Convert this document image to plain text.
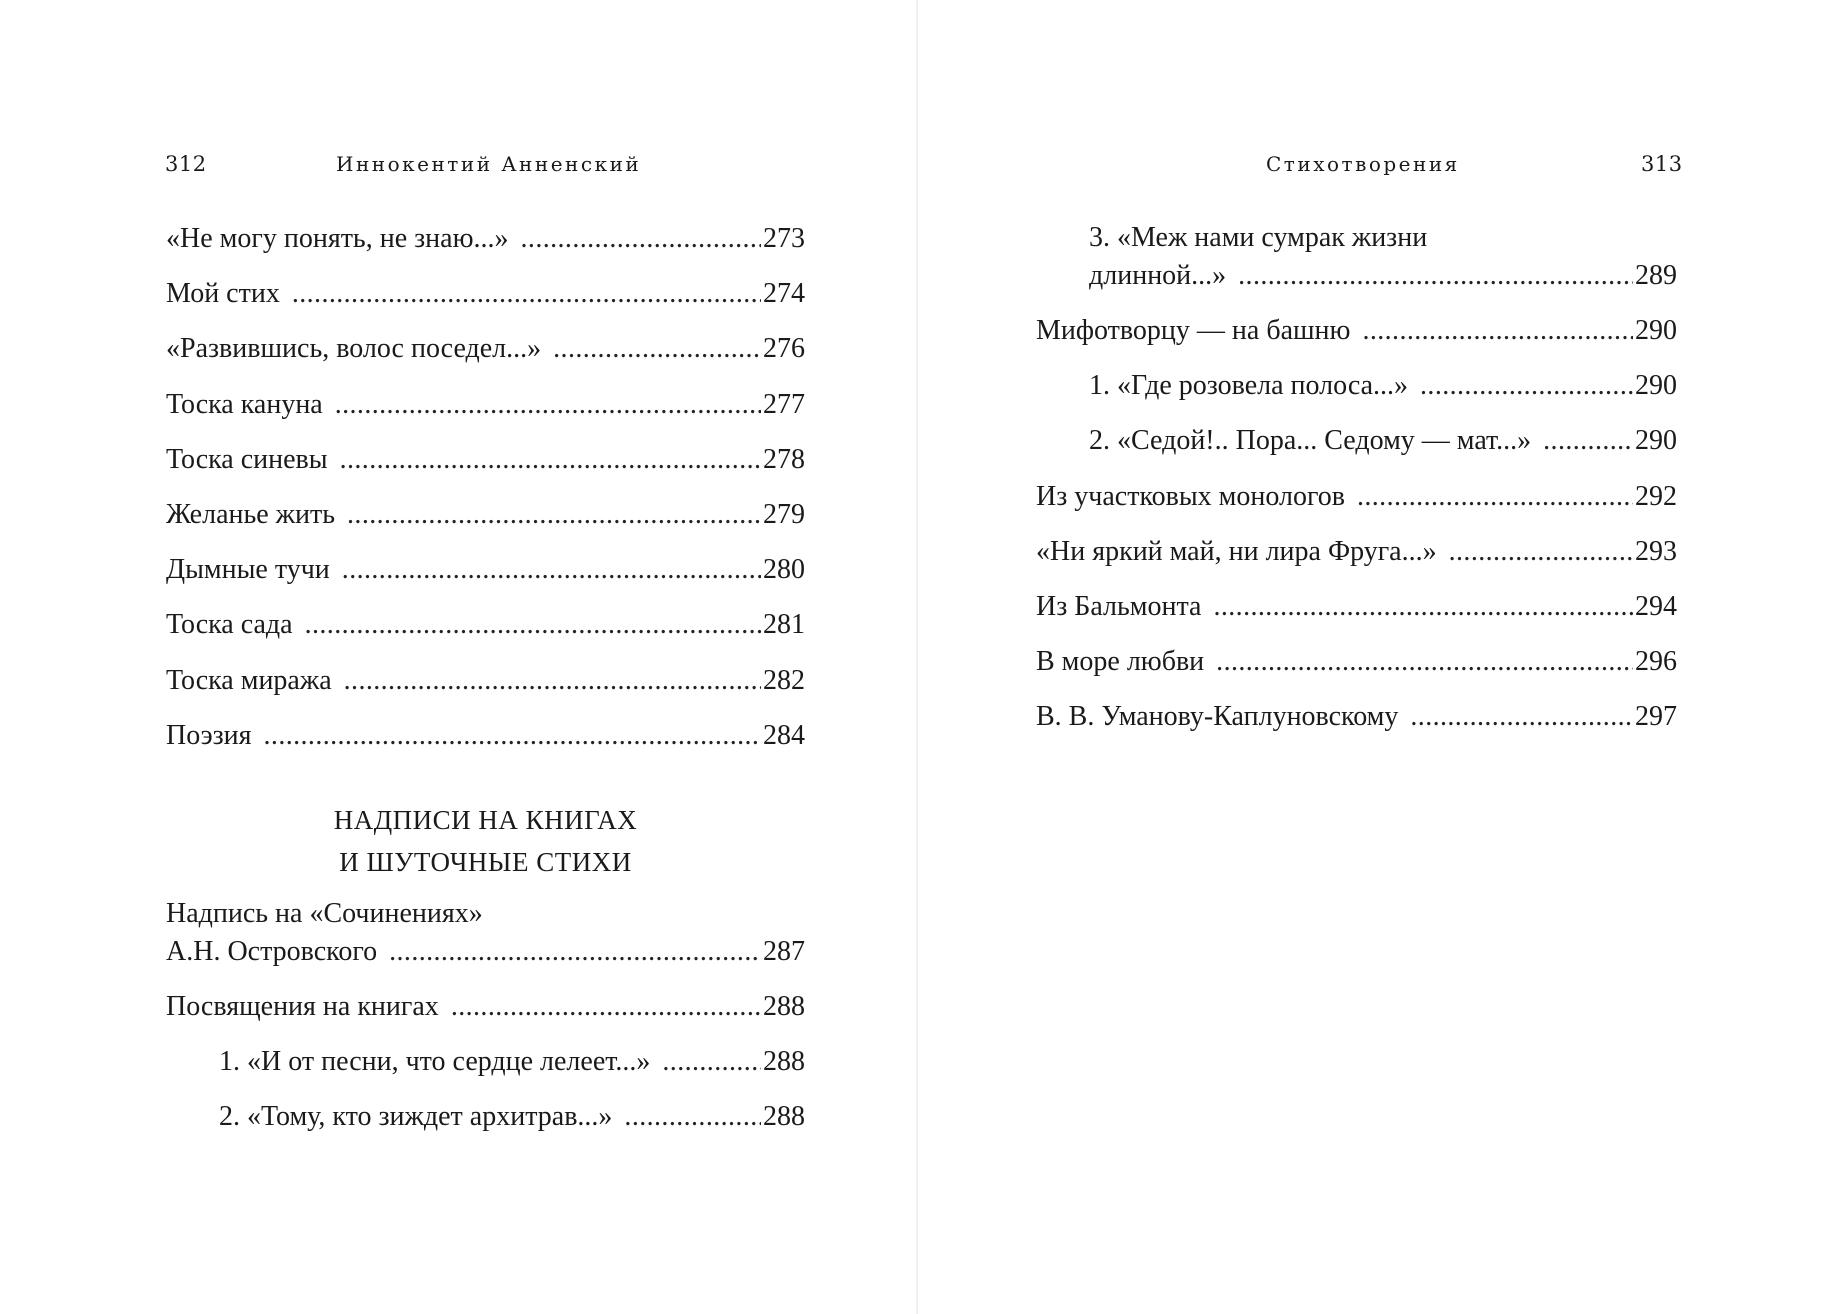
312	Иннокентий Анненский
«Не могу понять, не знаю...» . . .	273
Мой стих . . .	274
«Развившись, волос поседел...» . . .	276
Тоска кануна . . .	277
Тоска синевы . . .	278
Желанье жить . . .	279
Дымные тучи . . .	280
Тоска сада . . .	281
Тоска миража . . .	282
Поэзия . . .	284
НАДПИСИ НА КНИГАХ
И ШУТОЧНЫЕ СТИХИ
Надпись на «Сочинениях»
А.Н. Островского . . .	287
Посвящения на книгах . . .	288
1. «И от песни, что сердце лелеет...» . . .	288
2. «Тому, кто зиждет архитрав...» . . .	288
Стихотворения	313
3. «Меж нами сумрак жизни
длинной...» . . .	289
Мифотворцу — на башню . . .	290
1. «Где розовела полоса...» . . .	290
2. «Седой!.. Пора... Седому — мат...» . . .	290
Из участковых монологов . . .	292
«Ни яркий май, ни лира Фруга...» . . .	293
Из Бальмонта . . .	294
В море любви . . .	296
В. В. Уманову-Каплуновскому . . .	297
